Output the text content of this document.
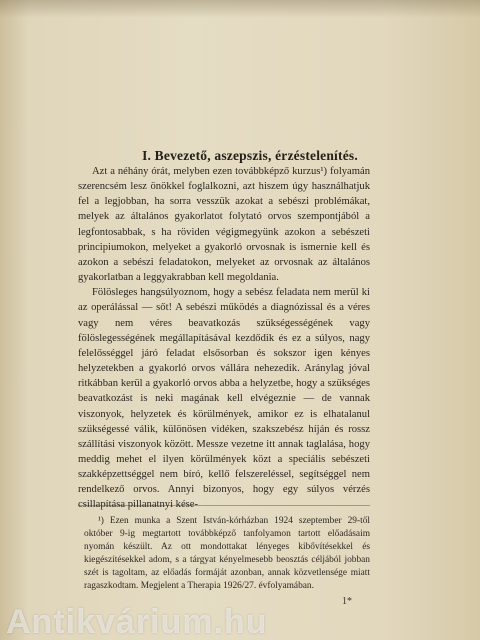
I. Bevezető, aszepszis, érzéstelenítés.

Azt a néhány órát, melyben ezen továbbképző kurzus¹) folyamán szerencsém lesz önökkel foglalkozni, azt hiszem úgy használhatjuk fel a legjobban, ha sorra vesszük azokat a sebészi problémákat, melyek az általános gyakorlatot folytató orvos szempontjából a legfontosabbak, s ha röviden végigmegyünk azokon a sebészeti principiumokon, melyeket a gyakorló orvosnak is ismernie kell és azokon a sebészi feladatokon, melyeket az orvosnak az általános gyakorlatban a leggyakrabban kell megoldania.

Fölösleges hangsúlyoznom, hogy a sebész feladata nem merül ki az operálással — sőt! A sebészi működés a diagnózissal és a véres vagy nem véres beavatkozás szükségességének vagy fölöslegességének megállapításával kezdődik és ez a súlyos, nagy felelősséggel járó feladat elsősorban és sokszor igen kényes helyzetekben a gyakorló orvos vállára nehezedik. Aránylag jóval ritkábban kerül a gyakorló orvos abba a helyzetbe, hogy a szükséges beavatkozást is neki magának kell elvégeznie — de vannak viszonyok, helyzetek és körülmények, amikor ez is elhatalanul szükségessé válik, különösen vidéken, szakszebész híján és rossz szállítási viszonyok között. Messze vezetne itt annak taglalása, hogy meddig mehet el ilyen körülmények közt a speciális sebészeti szakképzettséggel nem bíró, kellő felszereléssel, segítséggel nem rendelkező orvos. Annyi bizonyos, hogy egy súlyos vérzés csillapítása pillanatnyi kése-

¹) Ezen munka a Szent István-kórházban 1924 szeptember 29-től október 9-ig megtartott továbbképző tanfolyamon tartott előadásaim nyomán készült. Az ott mondottakat lényeges kibővítésekkel és kiegészítésekkel adom, s a tárgyat kényelmesebb beosztás céljából jobban szét is tagoltam, az előadás formáját azonban, annak közvetlensége miatt ragaszkodtam. Megjelent a Therapia 1926/27. évfolyamában.

1*
Antikvárium.hu
